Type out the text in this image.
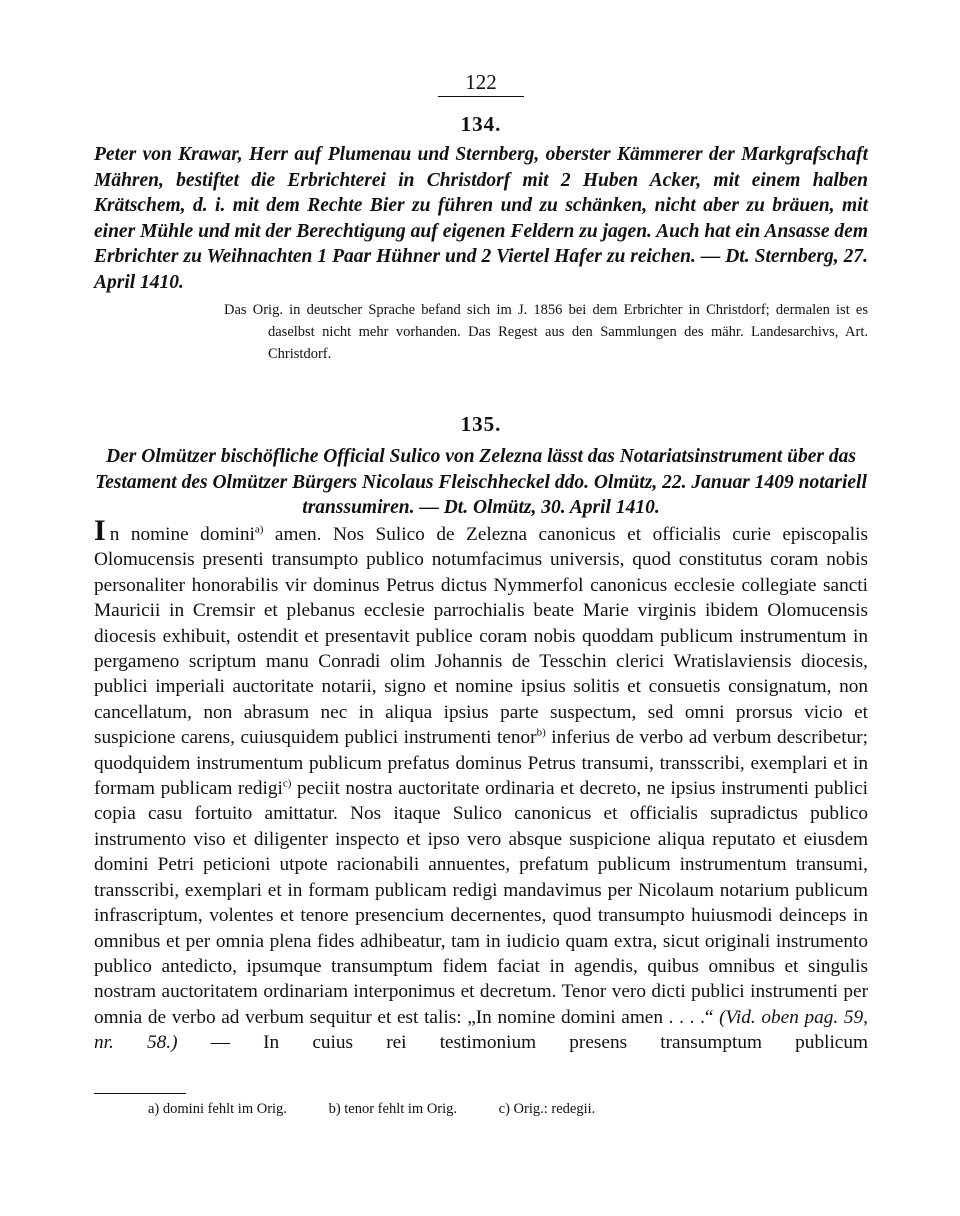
122
134.
Peter von Krawar, Herr auf Plumenau und Sternberg, oberster Kämmerer der Markgrafschaft Mähren, bestiftet die Erbrichterei in Christdorf mit 2 Huben Acker, mit einem halben Krätschem, d. i. mit dem Rechte Bier zu führen und zu schänken, nicht aber zu bräuen, mit einer Mühle und mit der Berechtigung auf eigenen Feldern zu jagen. Auch hat ein Ansasse dem Erbrichter zu Weihnachten 1 Paar Hühner und 2 Viertel Hafer zu reichen. — Dt. Sternberg, 27. April 1410.
Das Orig. in deutscher Sprache befand sich im J. 1856 bei dem Erbrichter in Christdorf; dermalen ist es daselbst nicht mehr vorhanden. Das Regest aus den Sammlungen des mähr. Landesarchivs, Art. Christdorf.
135.
Der Olmützer bischöfliche Official Sulico von Zelezna lässt das Notariatsinstrument über das Testament des Olmützer Bürgers Nicolaus Fleischheckel ddo. Olmütz, 22. Januar 1409 notariell transsumiren. — Dt. Olmütz, 30. April 1410.
In nomine domini$^{a)}$ amen. Nos Sulico de Zelezna canonicus et officialis curie episcopalis Olomucensis presenti transumpto publico notumfacimus universis, quod constitutus coram nobis personaliter honorabilis vir dominus Petrus dictus Nymmerfol canonicus ecclesie collegiate sancti Mauricii in Cremsir et plebanus ecclesie parrochialis beate Marie virginis ibidem Olomucensis diocesis exhibuit, ostendit et presentavit publice coram nobis quoddam publicum instrumentum in pergameno scriptum manu Conradi olim Johannis de Tesschin clerici Wratislaviensis diocesis, publici imperiali auctoritate notarii, signo et nomine ipsius solitis et consuetis consignatum, non cancellatum, non abrasum nec in aliqua ipsius parte suspectum, sed omni prorsus vicio et suspicione carens, cuiusquidem publici instrumenti tenor$^{b)}$ inferius de verbo ad verbum describetur; quodquidem instrumentum publicum prefatus dominus Petrus transumi, transscribi, exemplari et in formam publicam redigi$^{c)}$ peciit nostra auctoritate ordinaria et decreto, ne ipsius instrumenti publici copia casu fortuito amittatur. Nos itaque Sulico canonicus et officialis supradictus publico instrumento viso et diligenter inspecto et ipso vero absque suspicione aliqua reputato et eiusdem domini Petri peticioni utpote racionabili annuentes, prefatum publicum instrumentum transumi, transscribi, exemplari et in formam publicam redigi mandavimus per Nicolaum notarium publicum infrascriptum, volentes et tenore presencium decernentes, quod transumpto huiusmodi deinceps in omnibus et per omnia plena fides adhibeatur, tam in iudicio quam extra, sicut originali instrumento publico antedicto, ipsumque transumptum fidem faciat in agendis, quibus omnibus et singulis nostram auctoritatem ordinariam interponimus et decretum. Tenor vero dicti publici instrumenti per omnia de verbo ad verbum sequitur et est talis: „In nomine domini amen . . . .“ (Vid. oben pag. 59, nr. 58.) — In cuius rei testimonium presens transumptum publicum
a) domini fehlt im Orig.	b) tenor fehlt im Orig.	c) Orig.: redegii.
